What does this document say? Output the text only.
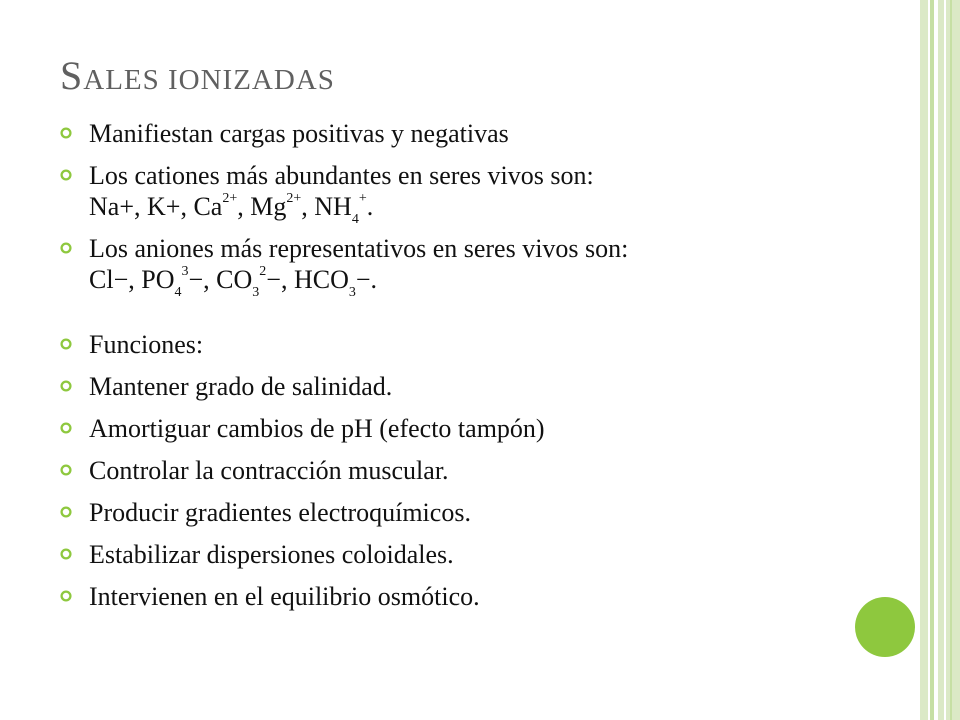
SALES IONIZADAS
Manifiestan cargas positivas y negativas
Los cationes más abundantes en seres vivos son: Na+, K+, $Ca^{2+}$, $Mg^{2+}$, $NH_4^+$.
Los aniones más representativos en seres vivos son: Cl−, $PO_4^3-$, $CO_3^2-$, $HCO_3-$.
Funciones:
Mantener grado de salinidad.
Amortiguar cambios de pH (efecto tampón)
Controlar la contracción muscular.
Producir gradientes electroquímicos.
Estabilizar dispersiones coloidales.
Intervienen en el equilibrio osmótico.
